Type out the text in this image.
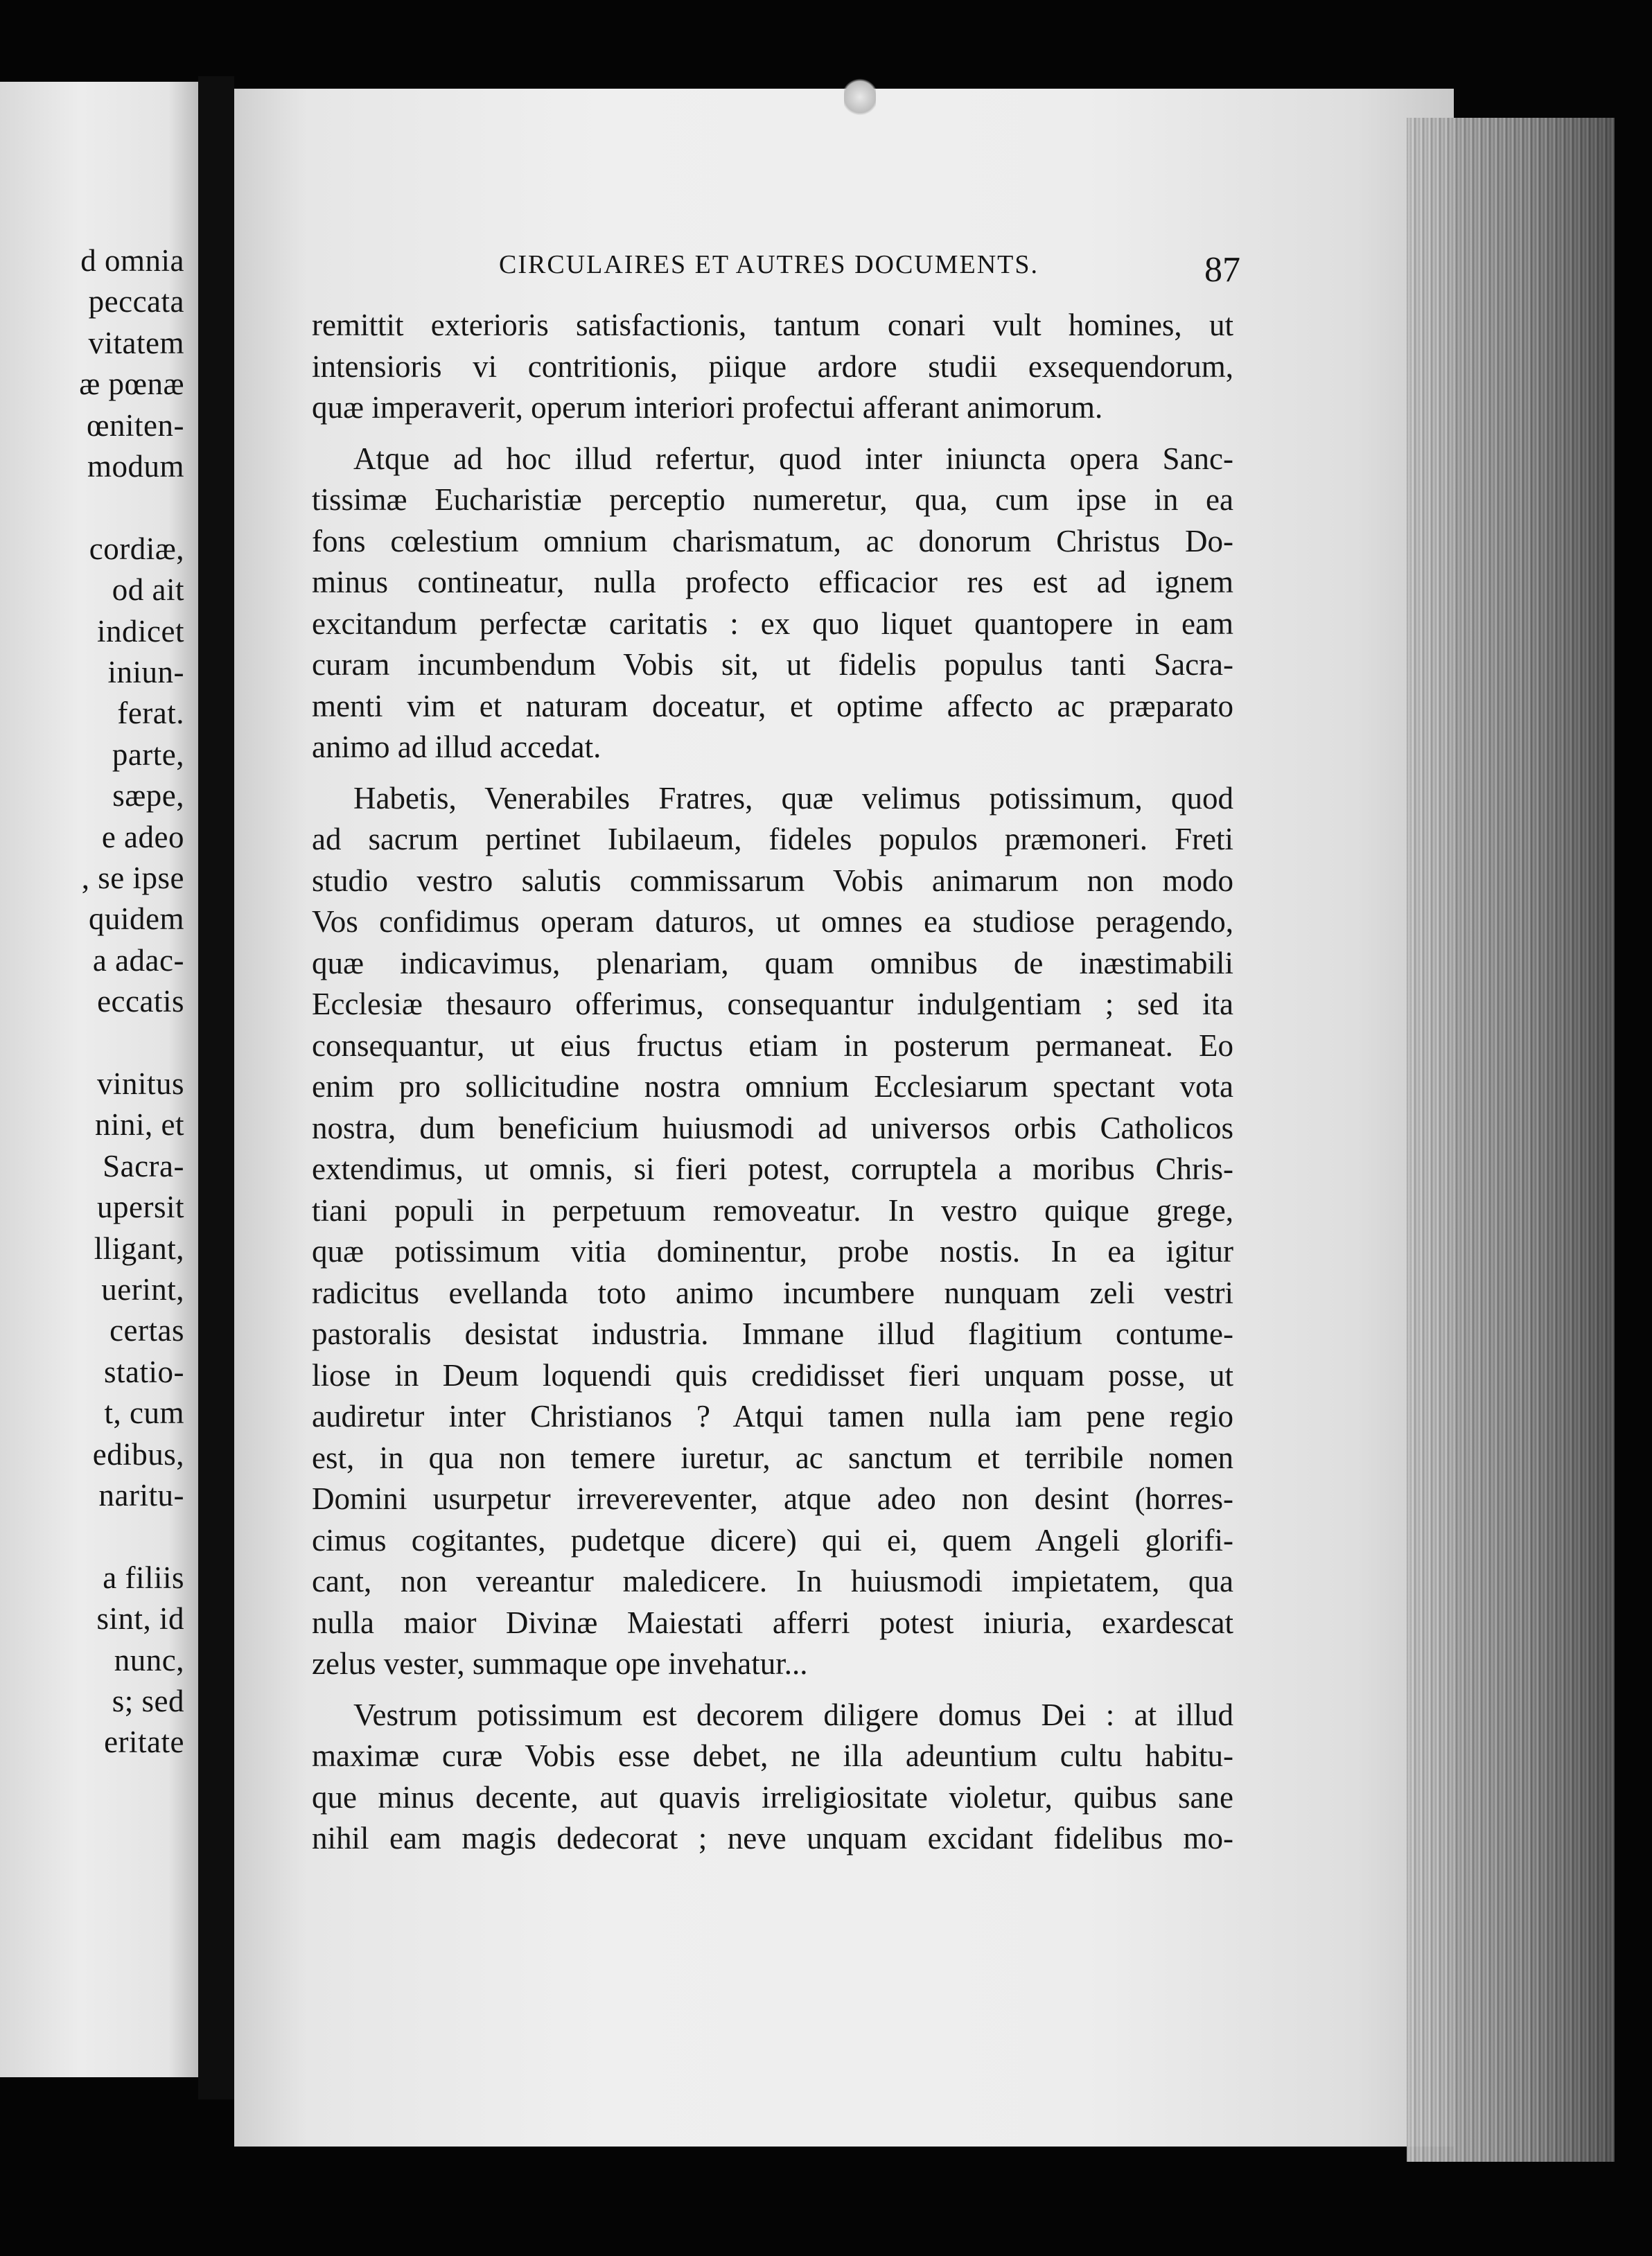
d omnia
peccata
vitatem
æ pœnæ
œniten-
modum
cordiæ,
od ait
indicet
iniun-
ferat.
parte,
sæpe,
e adeo
, se ipse
quidem
a adac-
eccatis
vinitus
nini, et
Sacra-
upersit
lligant,
uerint,
certas
statio-
t, cum
edibus,
naritu-
a filiis
sint, id
nunc,
s; sed
eritate
CIRCULAIRES ET AUTRES DOCUMENTS.	87
remittit exterioris satisfactionis, tantum conari vult homines, ut
intensioris vi contritionis, piique ardore studii exsequendorum,
quæ imperaverit, operum interiori profectui afferant animorum.
Atque ad hoc illud refertur, quod inter iniuncta opera Sanc-
tissimæ Eucharistiæ perceptio numeretur, qua, cum ipse in ea
fons cœlestium omnium charismatum, ac donorum Christus Do-
minus contineatur, nulla profecto efficacior res est ad ignem
excitandum perfectæ caritatis : ex quo liquet quantopere in eam
curam incumbendum Vobis sit, ut fidelis populus tanti Sacra-
menti vim et naturam doceatur, et optime affecto ac præparato
animo ad illud accedat.
Habetis, Venerabiles Fratres, quæ velimus potissimum, quod
ad sacrum pertinet Iubilaeum, fideles populos præmoneri. Freti
studio vestro salutis commissarum Vobis animarum non modo
Vos confidimus operam daturos, ut omnes ea studiose peragendo,
quæ indicavimus, plenariam, quam omnibus de inæstimabili
Ecclesiæ thesauro offerimus, consequantur indulgentiam ; sed ita
consequantur, ut eius fructus etiam in posterum permaneat. Eo
enim pro sollicitudine nostra omnium Ecclesiarum spectant vota
nostra, dum beneficium huiusmodi ad universos orbis Catholicos
extendimus, ut omnis, si fieri potest, corruptela a moribus Chris-
tiani populi in perpetuum removeatur. In vestro quique grege,
quæ potissimum vitia dominentur, probe nostis. In ea igitur
radicitus evellanda toto animo incumbere nunquam zeli vestri
pastoralis desistat industria. Immane illud flagitium contume-
liose in Deum loquendi quis credidisset fieri unquam posse, ut
audiretur inter Christianos ? Atqui tamen nulla iam pene regio
est, in qua non temere iuretur, ac sanctum et terribile nomen
Domini usurpetur irrevereventer, atque adeo non desint (horres-
cimus cogitantes, pudetque dicere) qui ei, quem Angeli glorifi-
cant, non vereantur maledicere. In huiusmodi impietatem, qua
nulla maior Divinæ Maiestati afferri potest iniuria, exardescat
zelus vester, summaque ope invehatur...
Vestrum potissimum est decorem diligere domus Dei : at illud
maximæ curæ Vobis esse debet, ne illa adeuntium cultu habitu-
que minus decente, aut quavis irreligiositate violetur, quibus sane
nihil eam magis dedecorat ; neve unquam excidant fidelibus mo-
